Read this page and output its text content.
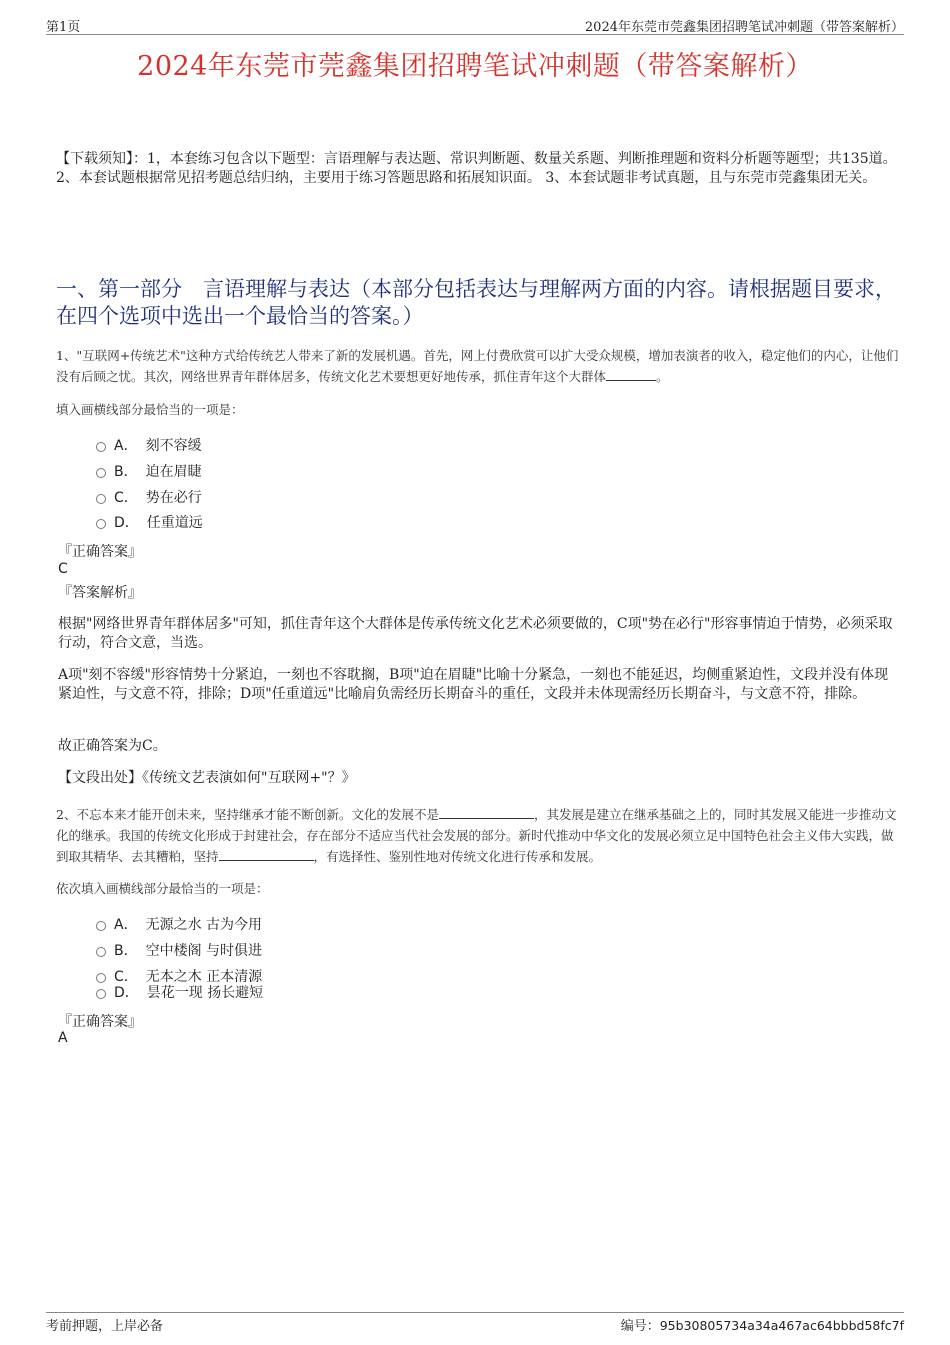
第1页	2024年东莞市莞鑫集团招聘笔试冲刺题（带答案解析）
2024年东莞市莞鑫集团招聘笔试冲刺题（带答案解析）
【下载须知】：1，本套练习包含以下题型：言语理解与表达题、常识判断题、数量关系题、判断推理题和资料分析题等题型；共135道。 2、本套试题根据常见招考题总结归纳，主要用于练习答题思路和拓展知识面。 3、本套试题非考试真题，且与东莞市莞鑫集团无关。
一、第一部分　言语理解与表达（本部分包括表达与理解两方面的内容。请根据题目要求，在四个选项中选出一个最恰当的答案。）
1、"互联网+传统艺术"这种方式给传统艺人带来了新的发展机遇。首先，网上付费欣赏可以扩大受众规模，增加表演者的收入，稳定他们的内心，让他们没有后顾之忧。其次，网络世界青年群体居多，传统文化艺术要想更好地传承，抓住青年这个大群体	。
填入画横线部分最恰当的一项是：
A． 刻不容缓
B． 迫在眉睫
C． 势在必行
D． 任重道远
『正确答案』
C
『答案解析』
根据"网络世界青年群体居多"可知，抓住青年这个大群体是传承传统文化艺术必须要做的，C项"势在必行"形容事情迫于情势，必须采取行动，符合文意，当选。
A项"刻不容缓"形容情势十分紧迫，一刻也不容耽搁，B项"迫在眉睫"比喻十分紧急，一刻也不能延迟，均侧重紧迫性，文段并没有体现紧迫性，与文意不符，排除；D项"任重道远"比喻肩负需经历长期奋斗的重任，文段并未体现需经历长期奋斗，与文意不符，排除。
故正确答案为C。
【文段出处】《传统文艺表演如何"互联网+"？》
2、不忘本来才能开创未来，坚持继承才能不断创新。文化的发展不是	，其发展是建立在继承基础之上的，同时其发展又能进一步推动文化的继承。我国的传统文化形成于封建社会，存在部分不适应当代社会发展的部分。新时代推动中华文化的发展必须立足中国特色社会主义伟大实践，做到取其精华、去其糟粕，坚持	，有选择性、鉴别性地对传统文化进行传承和发展。
依次填入画横线部分最恰当的一项是：
A． 无源之水 古为今用
B． 空中楼阁 与时俱进
C． 无本之木 正本清源
D． 昙花一现 扬长避短
『正确答案』
A
考前押题，上岸必备	编号：95b30805734a34a467ac64bbbd58fc7f
